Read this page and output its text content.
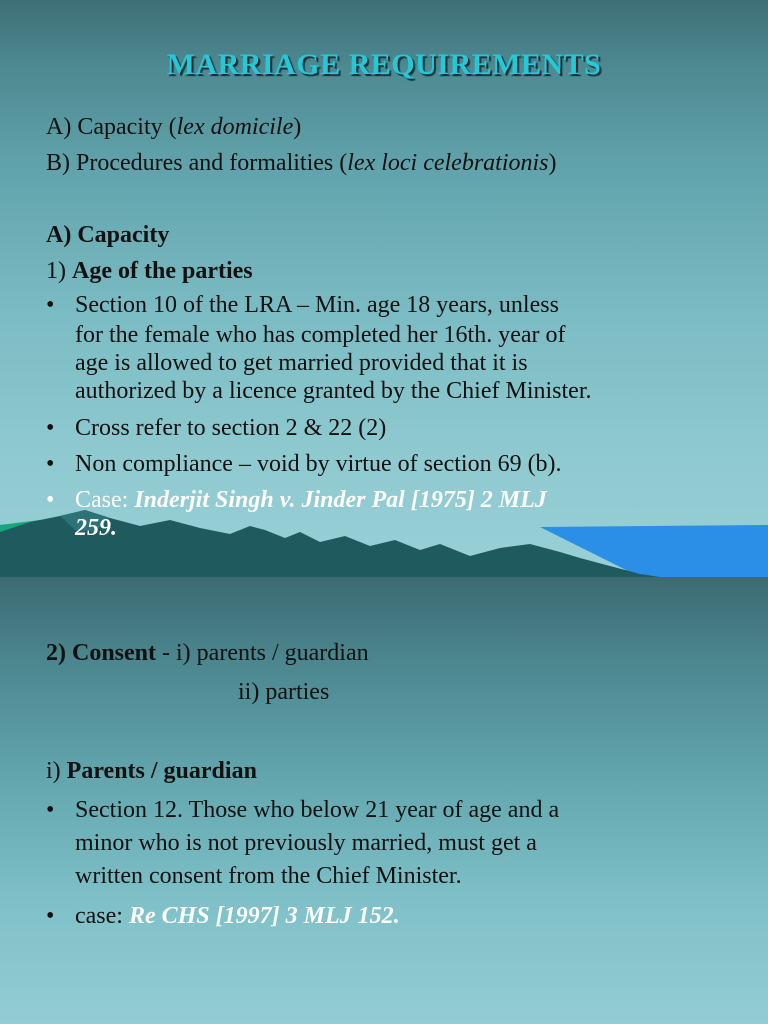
MARRIAGE REQUIREMENTS
A) Capacity (lex domicile)
B) Procedures and formalities (lex loci celebrationis)
A) Capacity
1) Age of the parties
• Section 10 of the LRA – Min. age 18 years, unless
for the female who has completed her 16th. year of
age is allowed to get married provided that it is
authorized by a licence granted by the Chief Minister.
• Cross refer to section 2 & 22 (2)
• Non compliance – void by virtue of section 69 (b).
• Case: Inderjit Singh v. Jinder Pal [1975] 2 MLJ
259.
2) Consent - i) parents / guardian
ii) parties
i) Parents / guardian
• Section 12. Those who below 21 year of age and a
minor who is not previously married, must get a
written consent from the Chief Minister.
• case: Re CHS [1997] 3 MLJ 152.
